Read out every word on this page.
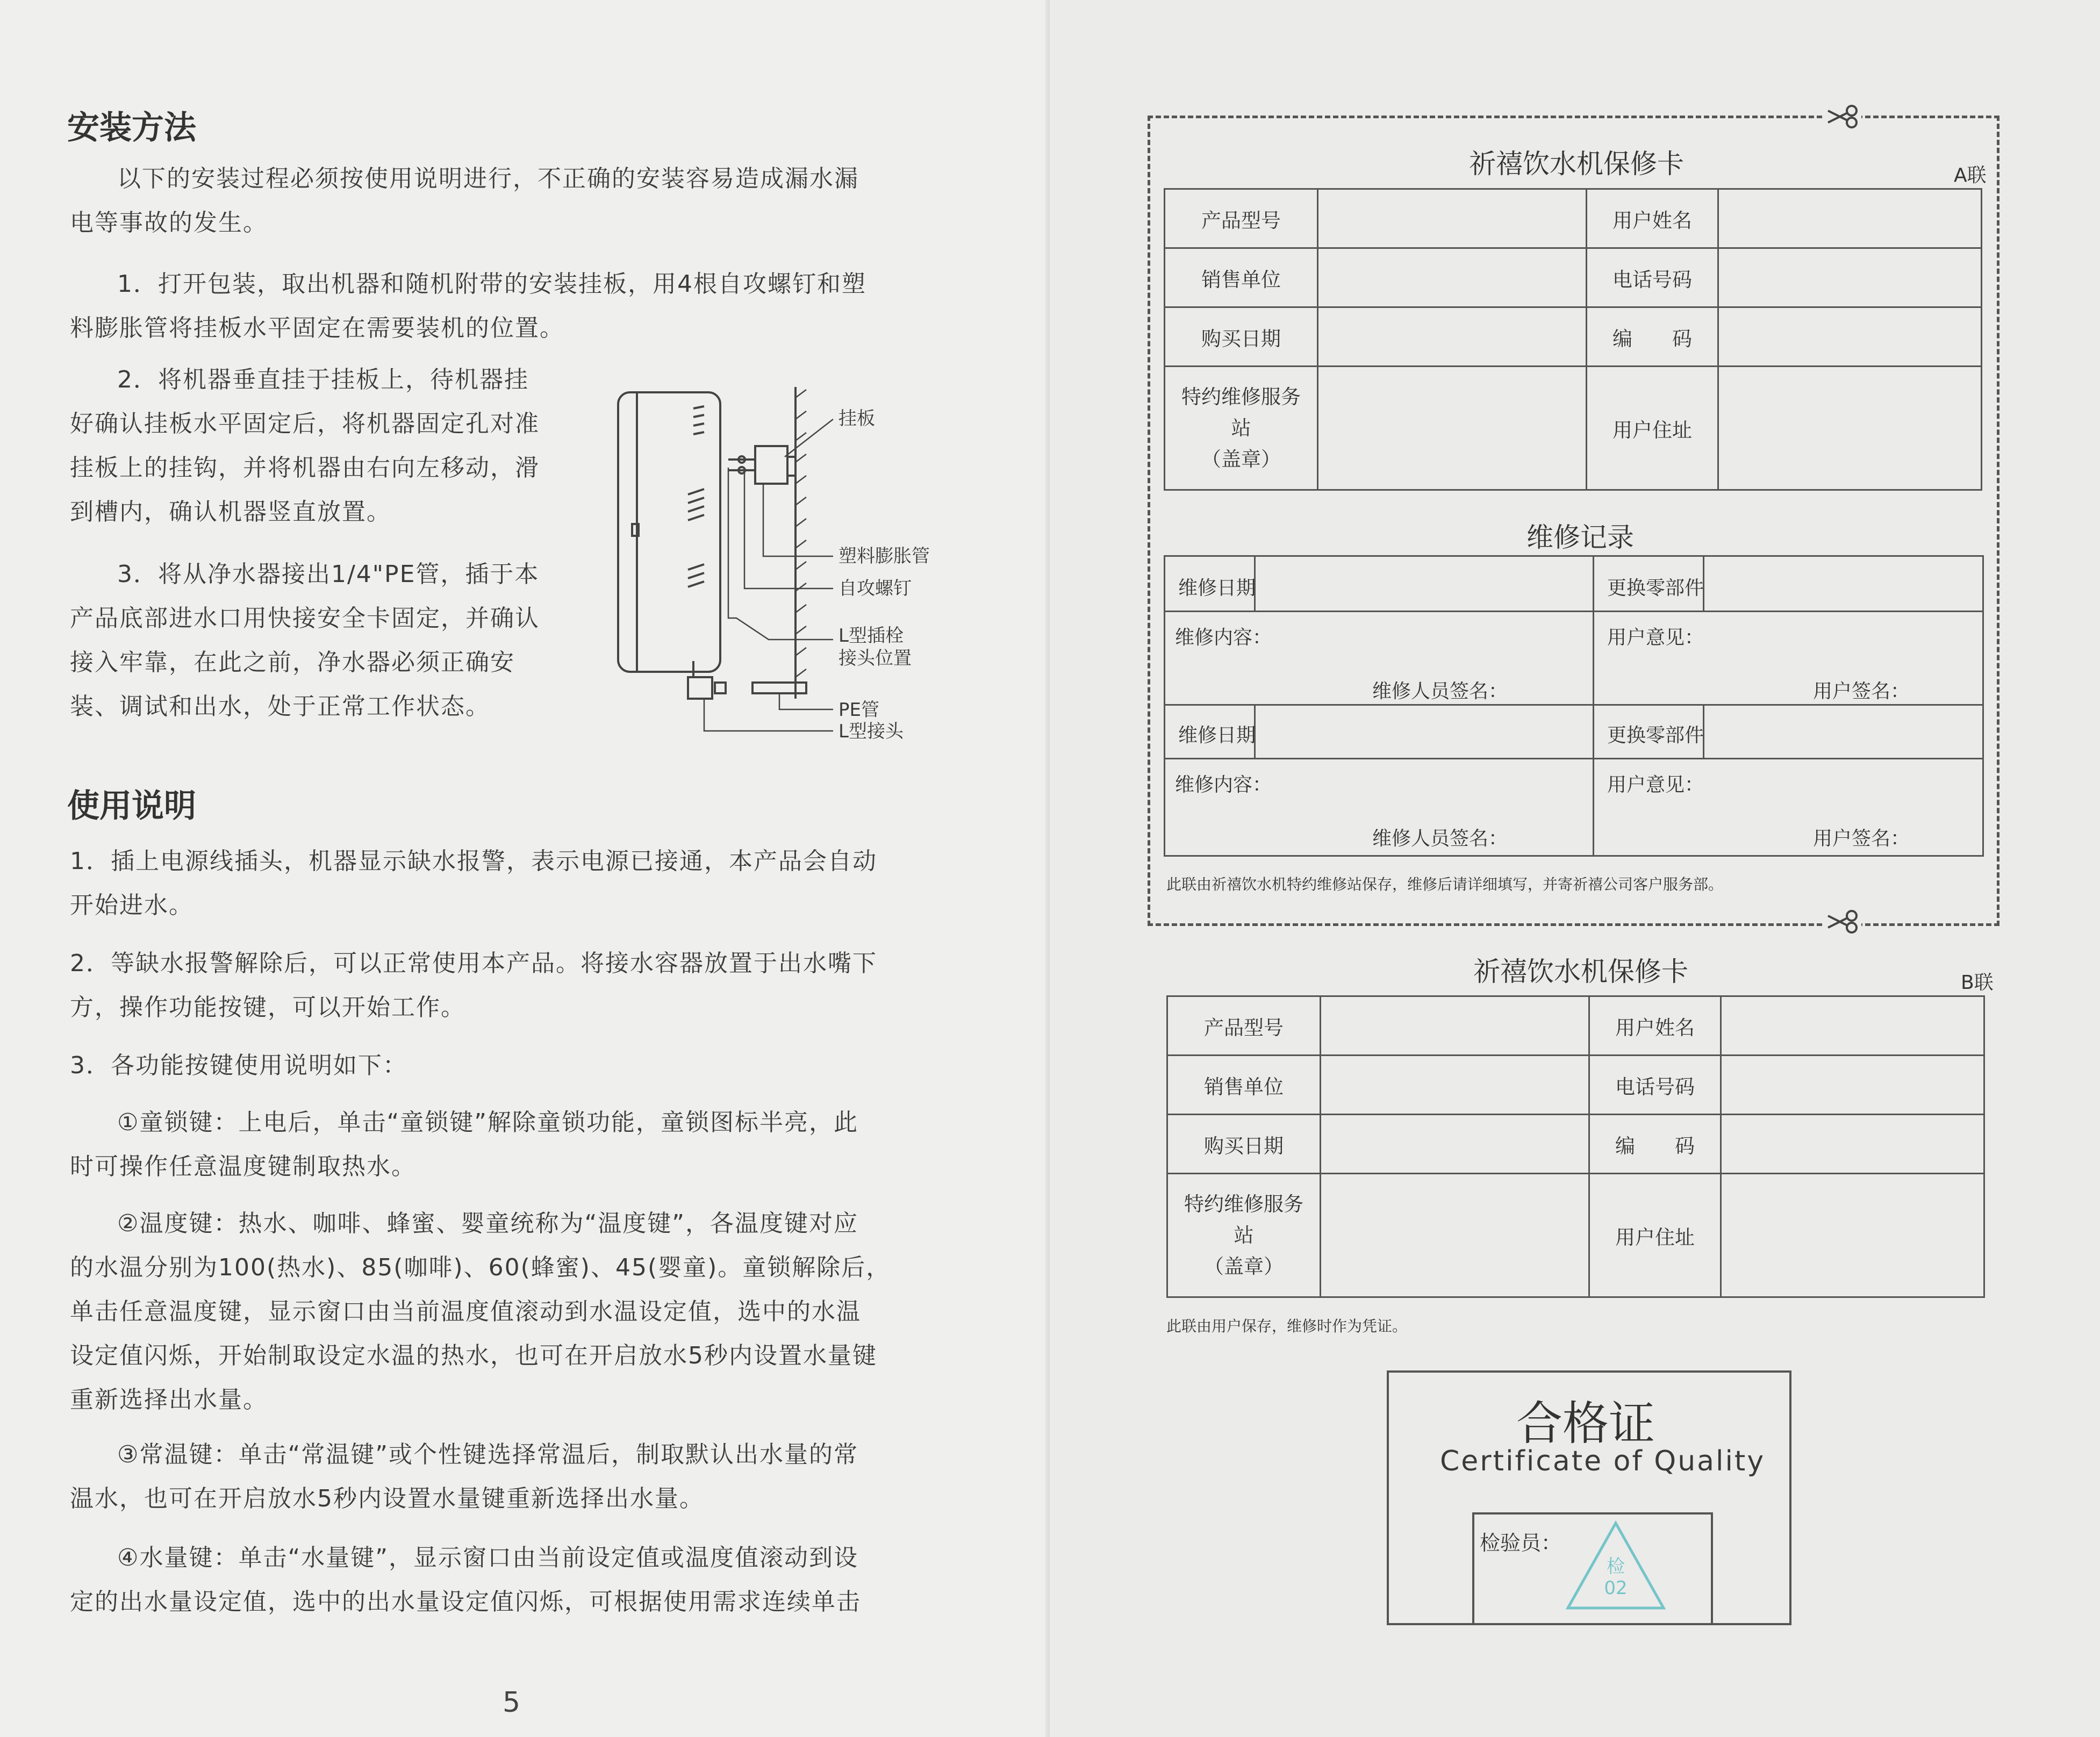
安装方法

以下的安装过程必须按使用说明进行，不正确的安装容易造成漏水漏

电等事故的发生。

1．打开包装，取出机器和随机附带的安装挂板，用4根自攻螺钉和塑

料膨胀管将挂板水平固定在需要装机的位置。

2．将机器垂直挂于挂板上，待机器挂

好确认挂板水平固定后，将机器固定孔对准

挂板上的挂钩，并将机器由右向左移动，滑

到槽内，确认机器竖直放置。

3．将从净水器接出1/4"PE管，插于本

产品底部进水口用快接安全卡固定，并确认

接入牢靠，在此之前，净水器必须正确安

装、调试和出水，处于正常工作状态。

挂板
塑料膨胀管
自攻螺钉
L型插栓
接头位置
PE管
L型接头
使用说明

1．插上电源线插头，机器显示缺水报警，表示电源已接通，本产品会自动

开始进水。

2．等缺水报警解除后，可以正常使用本产品。将接水容器放置于出水嘴下

方，操作功能按键，可以开始工作。

3．各功能按键使用说明如下：

①童锁键：上电后，单击“童锁键”解除童锁功能，童锁图标半亮，此

时可操作任意温度键制取热水。

②温度键：热水、咖啡、蜂蜜、婴童统称为“温度键”，各温度键对应

的水温分别为100(热水)、85(咖啡)、60(蜂蜜)、45(婴童)。童锁解除后，

单击任意温度键，显示窗口由当前温度值滚动到水温设定值，选中的水温

设定值闪烁，开始制取设定水温的热水，也可在开启放水5秒内设置水量键

重新选择出水量。

③常温键：单击“常温键”或个性键选择常温后，制取默认出水量的常

温水，也可在开启放水5秒内设置水量键重新选择出水量。

④水量键：单击“水量键”，显示窗口由当前设定值或温度值滚动到设

定的出水量设定值，选中的出水量设定值闪烁，可根据使用需求连续单击

5
祈禧饮水机保修卡	A联
产品型号		用户姓名	
销售单位		电话号码	
购买日期		编　　码	

特约维修服务站
（盖章）		用户住址	
维修记录
维修日期	更换零部件
维修内容：	用户意见：
维修人员签名：	用户签名：
维修日期	更换零部件
维修内容：	用户意见：
维修人员签名：	用户签名：
此联由祈禧饮水机特约维修站保存，维修后请详细填写，并寄祈禧公司客户服务部。
祈禧饮水机保修卡	B联
产品型号		用户姓名	
销售单位		电话号码	
购买日期		编　　码	

特约维修服务站
（盖章）		用户住址	
此联由用户保存，维修时作为凭证。
合格证
Certificate of Quality
检验员：
检
02
